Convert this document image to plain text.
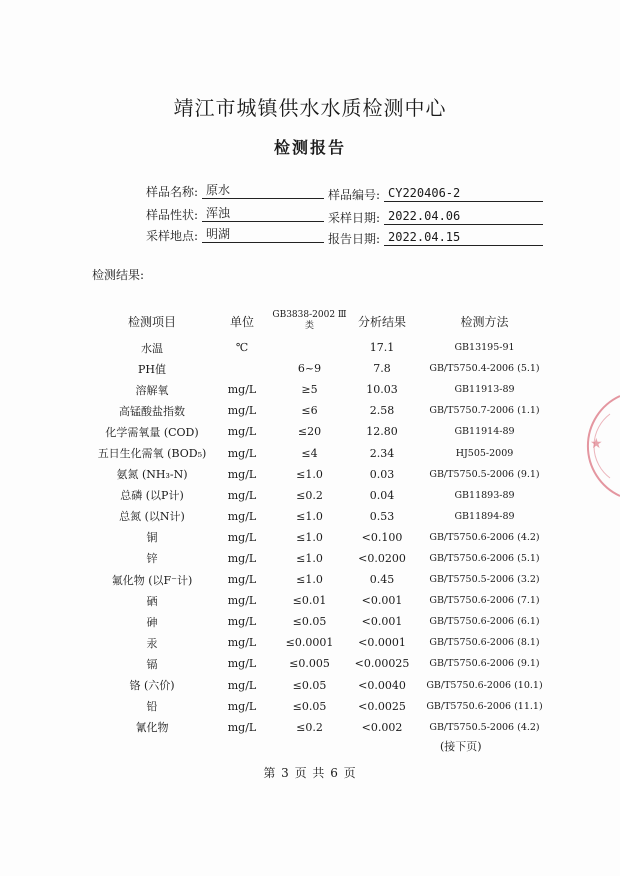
靖江市城镇供水水质检测中心
检测报告
样品名称: 原水	样品编号: CY220406-2
样品性状: 浑浊	采样日期: 2022.04.06
采样地点: 明湖	报告日期: 2022.04.15
检测结果:
检测项目	单位	GB3838-2002 Ⅲ类	分析结果	检测方法
水温	℃		17.1	GB13195-91
PH值		6~9	7.8	GB/T5750.4-2006 (5.1)
溶解氧	mg/L	≥5	10.03	GB11913-89
高锰酸盐指数	mg/L	≤6	2.58	GB/T5750.7-2006 (1.1)
化学需氧量 (COD)	mg/L	≤20	12.80	GB11914-89
五日生化需氧 (BOD₅)	mg/L	≤4	2.34	HJ505-2009
氨氮 (NH₃-N)	mg/L	≤1.0	0.03	GB/T5750.5-2006 (9.1)
总磷 (以P计)	mg/L	≤0.2	0.04	GB11893-89
总氮 (以N计)	mg/L	≤1.0	0.53	GB11894-89
铜	mg/L	≤1.0	<0.100	GB/T5750.6-2006 (4.2)
锌	mg/L	≤1.0	<0.0200	GB/T5750.6-2006 (5.1)
氟化物 (以F⁻计)	mg/L	≤1.0	0.45	GB/T5750.5-2006 (3.2)
硒	mg/L	≤0.01	<0.001	GB/T5750.6-2006 (7.1)
砷	mg/L	≤0.05	<0.001	GB/T5750.6-2006 (6.1)
汞	mg/L	≤0.0001	<0.0001	GB/T5750.6-2006 (8.1)
镉	mg/L	≤0.005	<0.00025	GB/T5750.6-2006 (9.1)
铬 (六价)	mg/L	≤0.05	<0.0040	GB/T5750.6-2006 (10.1)
铅	mg/L	≤0.05	<0.0025	GB/T5750.6-2006 (11.1)
氰化物	mg/L	≤0.2	<0.002	GB/T5750.5-2006 (4.2)
(接下页)
第 3 页 共 6 页
★
